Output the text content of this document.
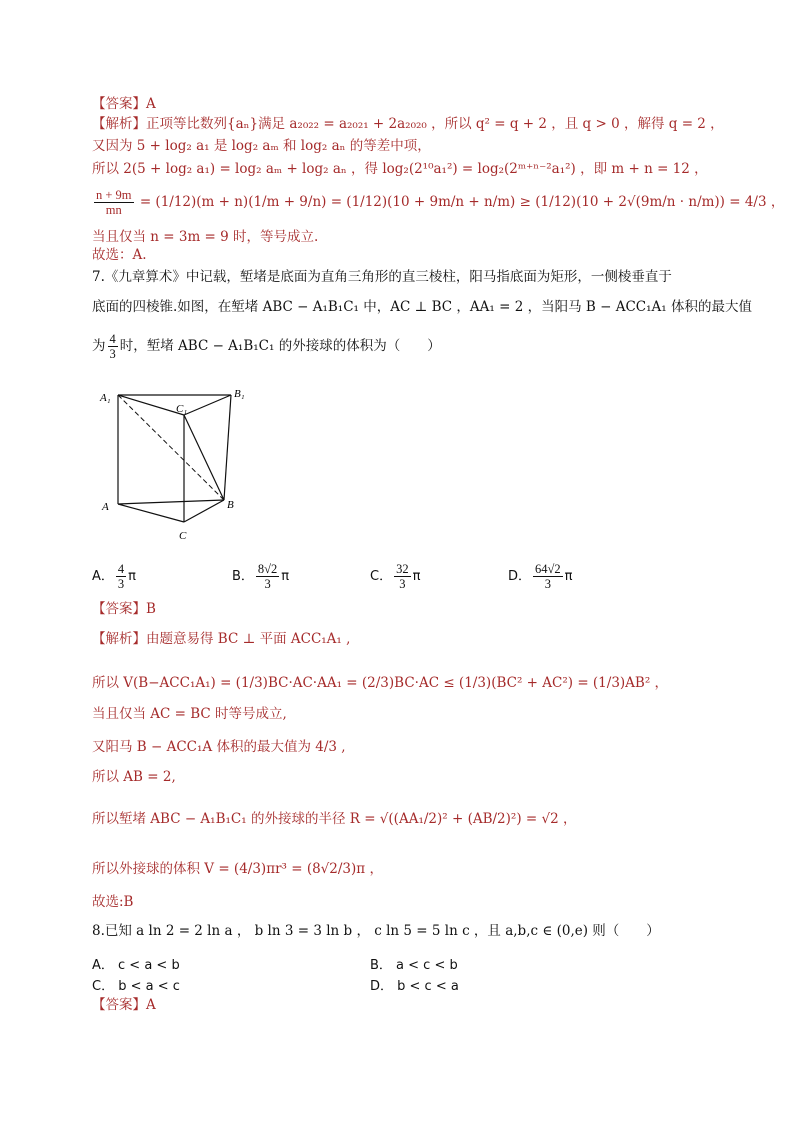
【答案】A
【解析】正项等比数列{aₙ}满足 a₂₀₂₂ = a₂₀₂₁ + 2a₂₀₂₀ ，所以 q² = q + 2 ，且 q > 0 ，解得 q = 2 ，
又因为 5 + log₂ a₁ 是 log₂ aₘ 和 log₂ aₙ 的等差中项，
所以 2(5 + log₂ a₁) = log₂ aₘ + log₂ aₙ ，得 log₂(2¹⁰a₁²) = log₂(2ᵐ⁺ⁿ⁻²a₁²) ，即 m + n = 12 ，
$\frac{n + 9m}{mn} = (1/12)(m + n)(1/m + 9/n) = (1/12)(10 + 9m/n + n/m) \ge (1/12)(10 + 2√(9m/n \cdot n/m)) = 4/3$ ，
当且仅当 n = 3m = 9 时，等号成立.
故选：A.
7.《九章算术》中记载，堑堵是底面为直角三角形的直三棱柱，阳马指底面为矩形，一侧棱垂直于
底面的四棱锥.如图，在堑堵 ABC − A₁B₁C₁ 中，AC ⊥ BC ，AA₁ = 2 ，当阳马 B − ACC₁A₁ 体积的最大值
为 $\frac{4}{3}$ 时，堑堵 ABC − A₁B₁C₁ 的外接球的体积为（　　）
A₁	B₁
C₁
A	B
C
A． $\frac{4}{3}$ π	B． $\frac{8√2}{3}$ π	C． $\frac{32}{3}$ π	D． $\frac{64√2}{3}$ π
【答案】B
【解析】由题意易得 BC ⊥ 平面 ACC₁A₁ ,
所以 V(B−ACC₁A₁) = (1/3)BC·AC·AA₁ = (2/3)BC·AC ≤ (1/3)(BC² + AC²) = (1/3)AB² ，
当且仅当 AC = BC 时等号成立,
又阳马 B − ACC₁A 体积的最大值为 4/3 ,
所以 AB = 2,
所以堑堵 ABC − A₁B₁C₁ 的外接球的半径 R = √((AA₁/2)² + (AB/2)²) = √2 ，
所以外接球的体积 V = (4/3)πr³ = (8√2/3)π ，
故选:B
8.已知 a ln 2 = 2 ln a ， b ln 3 = 3 ln b ， c ln 5 = 5 ln c ，且 a,b,c ∈ (0,e) 则（　　）
A． c < a < b	B． a < c < b
C． b < a < c	D． b < c < a
【答案】A
